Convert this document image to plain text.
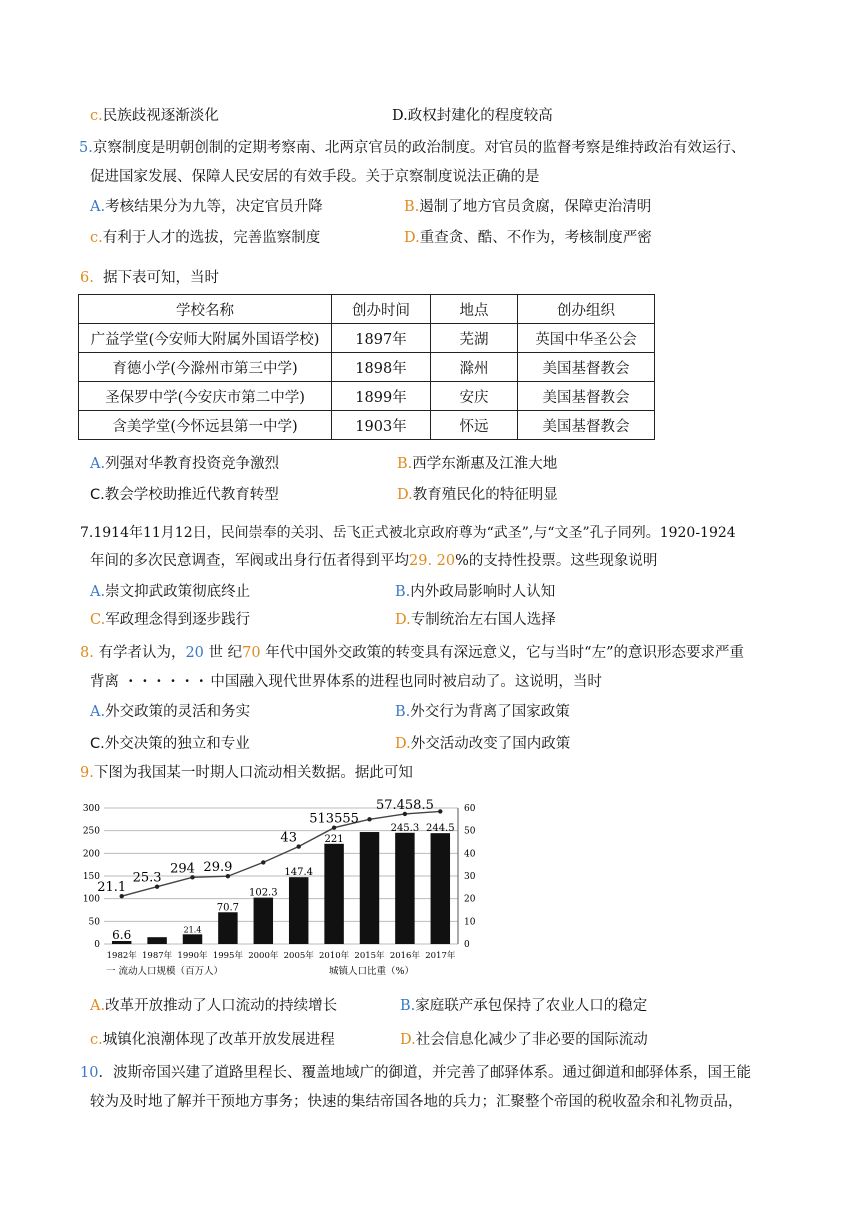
c.民族歧视逐渐淡化	D.政权封建化的程度较高
5.京察制度是明朝创制的定期考察南、北两京官员的政治制度。对官员的监督考察是维持政治有效运行、
促进国家发展、保障人民安居的有效手段。关于京察制度说法正确的是
A.考核结果分为九等，决定官员升降	B.遏制了地方官员贪腐，保障吏治清明
c.有利于人才的选拔，完善监察制度	D.重查贪、酷、不作为，考核制度严密
6. 据下表可知，当时
学校名称	创办时间	地点	创办组织
广益学堂(今安师大附属外国语学校)	1897年	芜湖	英国中华圣公会
育德小学(今滁州市第三中学)	1898年	滁州	美国基督教会
圣保罗中学(今安庆市第二中学)	1899年	安庆	美国基督教会
含美学堂(今怀远县第一中学)	1903年	怀远	美国基督教会
A.列强对华教育投资竞争激烈	B.西学东渐惠及江淮大地
C.教会学校助推近代教育转型	D.教育殖民化的特征明显
7.1914年11月12日，民间崇奉的关羽、岳飞正式被北京政府尊为“武圣”,与“文圣”孔子同列。1920-1924
年间的多次民意调查，军阀或出身行伍者得到平均29. 20%的支持性投票。这些现象说明
A.崇文抑武政策彻底终止	B.内外政局影响时人认知
C.军政理念得到逐步践行	D.专制统治左右国人选择
8. 有学者认为，20 世 纪70 年代中国外交政策的转变具有深远意义，它与当时“左”的意识形态要求严重
背离 · · · · · · 中国融入现代世界体系的进程也同时被启动了。这说明，当时
A.外交政策的灵活和务实	B.外交行为背离了国家政策
C.外交决策的独立和专业	D.外交活动改变了国内政策
9.下图为我国某一时期人口流动相关数据。据此可知
0
50
100
150
200
250
300
0
10
20
30
40
50
60
6.6
1982年 1987年
21.4
1990年
70.7
1995年
102.3
2000年
147.4
2005年
221
2010年 2015年
245.3
2016年
244.5
2017年
21.1
25.3
294 29.9
43
513555
57.458.5
一 流动人口规模（百万人）	城镇人口比重（%）
A.改革开放推动了人口流动的持续增长	B.家庭联产承包保持了农业人口的稳定
c.城镇化浪潮体现了改革开放发展进程	D.社会信息化减少了非必要的国际流动
10．波斯帝国兴建了道路里程长、覆盖地域广的御道，并完善了邮驿体系。通过御道和邮驿体系，国王能
较为及时地了解并干预地方事务；快速的集结帝国各地的兵力；汇聚整个帝国的税收盈余和礼物贡品，
